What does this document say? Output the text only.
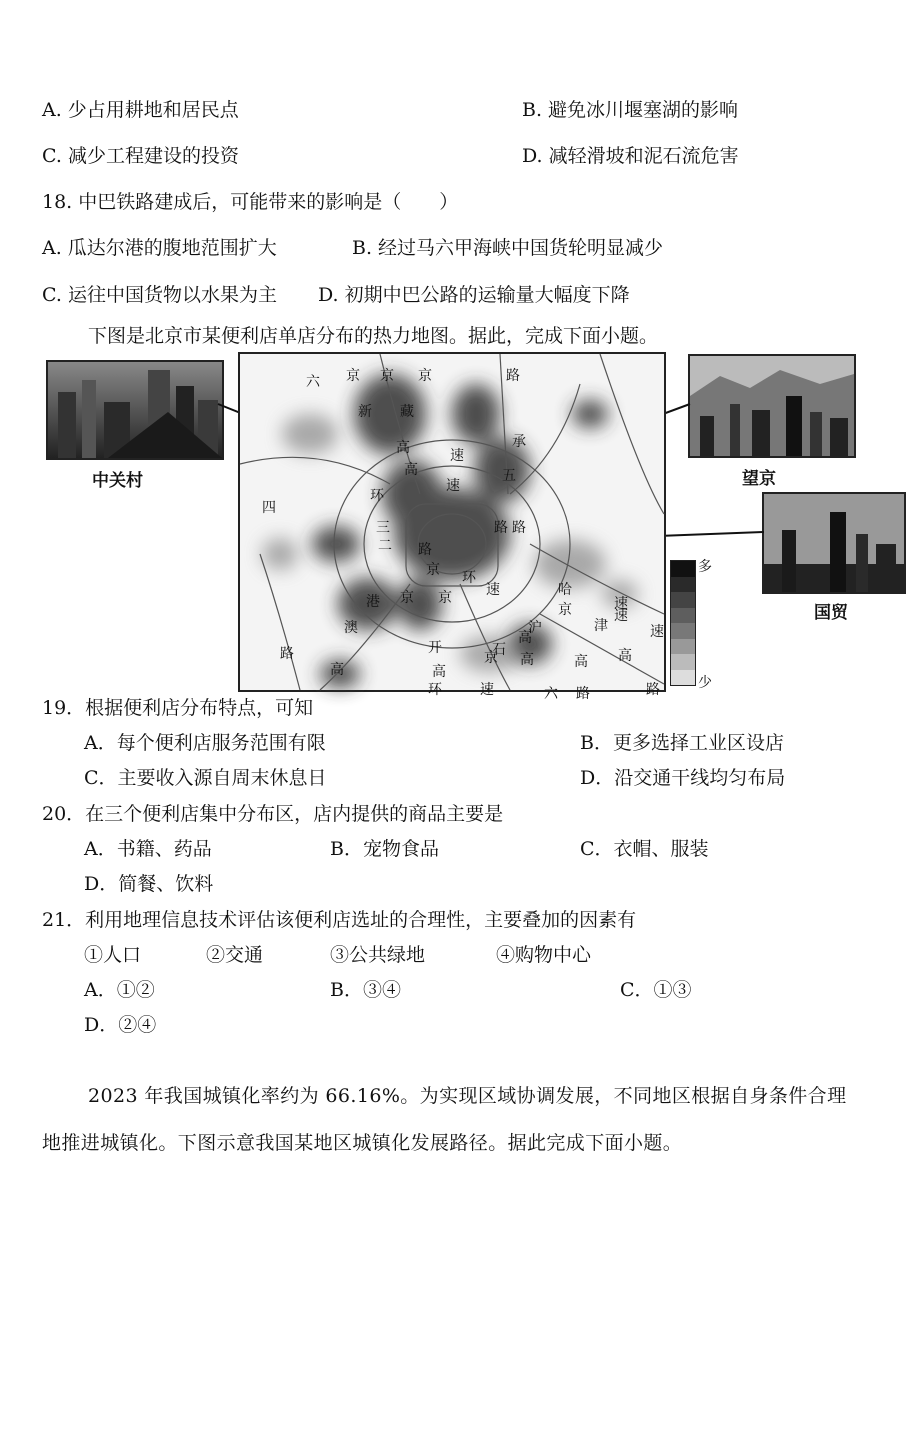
A. 少占用耕地和居民点	B. 避免冰川堰塞湖的影响
C. 减少工程建设的投资	D. 减轻滑坡和泥石流危害
18. 中巴铁路建成后，可能带来的影响是（　　）
A. 瓜达尔港的腹地范围扩大	B. 经过马六甲海峡中国货轮明显减少
C. 运往中国货物以水果为主 D. 初期中巴公路的运输量大幅度下降
下图是北京市某便利店单店分布的热力地图。据此，完成下面小题。
中关村	望京
国贸
六 京 京 京	路
新 藏
承
高
高
速
速
五
环
四
三
二 路
路 路
哈
京
高
京 环
速
港 京 京
沪	津
澳
开
京 高
路
高	高
环	速
速
六 路	路
高
速
速
石
高
多
少
19．根据便利店分布特点，可知
A．每个便利店服务范围有限	B．更多选择工业区设店
C．主要收入源自周末休息日	D．沿交通干线均匀布局
20．在三个便利店集中分布区，店内提供的商品主要是
A．书籍、药品	B．宠物食品	C．衣帽、服装
D．简餐、饮料
21．利用地理信息技术评估该便利店选址的合理性，主要叠加的因素有
①人口	②交通	③公共绿地	④购物中心
A．①②	B．③④	C．①③
D．②④
2023 年我国城镇化率约为 66.16%。为实现区域协调发展，不同地区根据自身条件合理
地推进城镇化。下图示意我国某地区城镇化发展路径。据此完成下面小题。
